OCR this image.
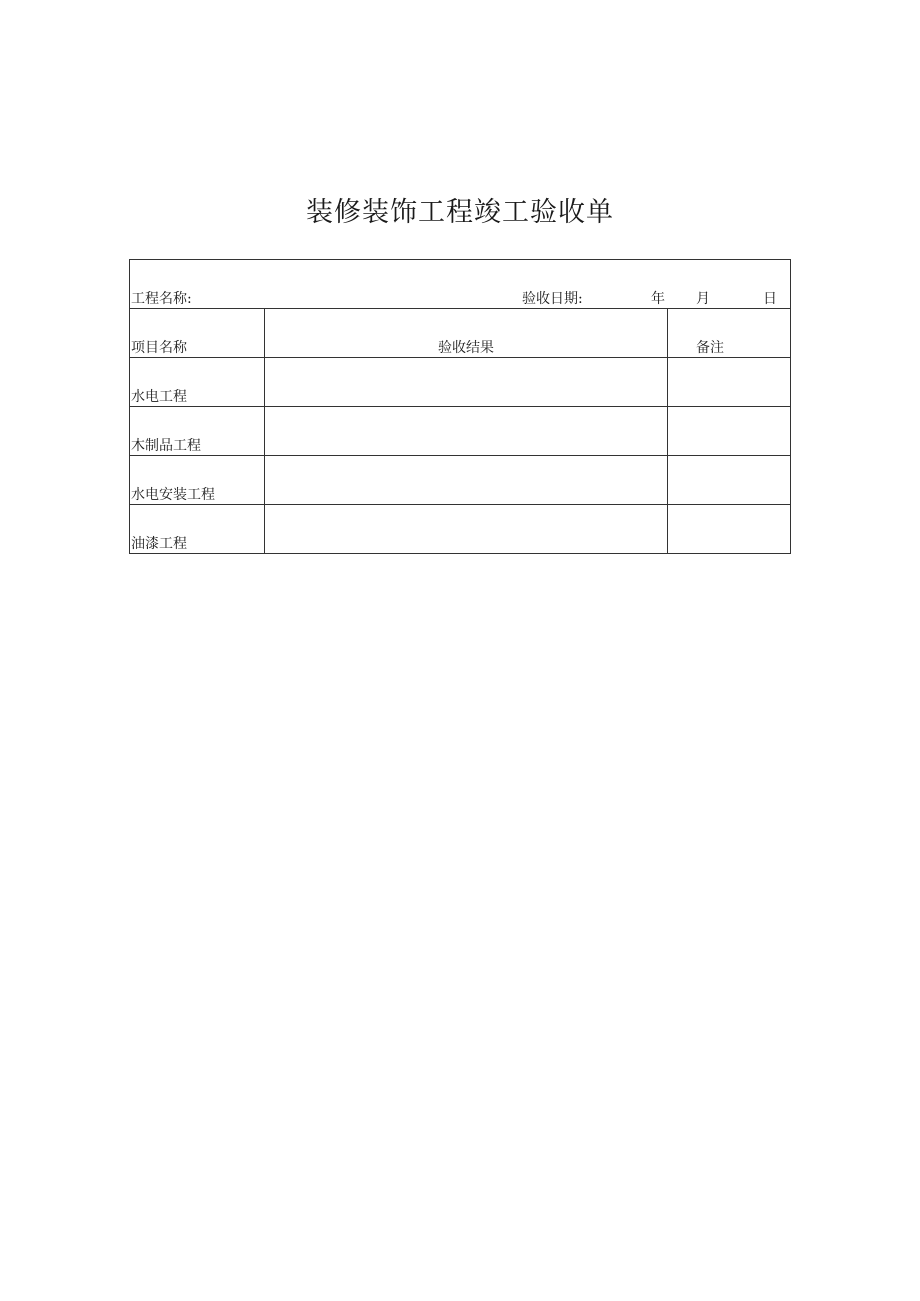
装修装饰工程竣工验收单
工程名称: 验收日期: 年 月 日		

项目名称	验收结果	备注

水电工程		

木制品工程		

水电安装工程		

油漆工程		
